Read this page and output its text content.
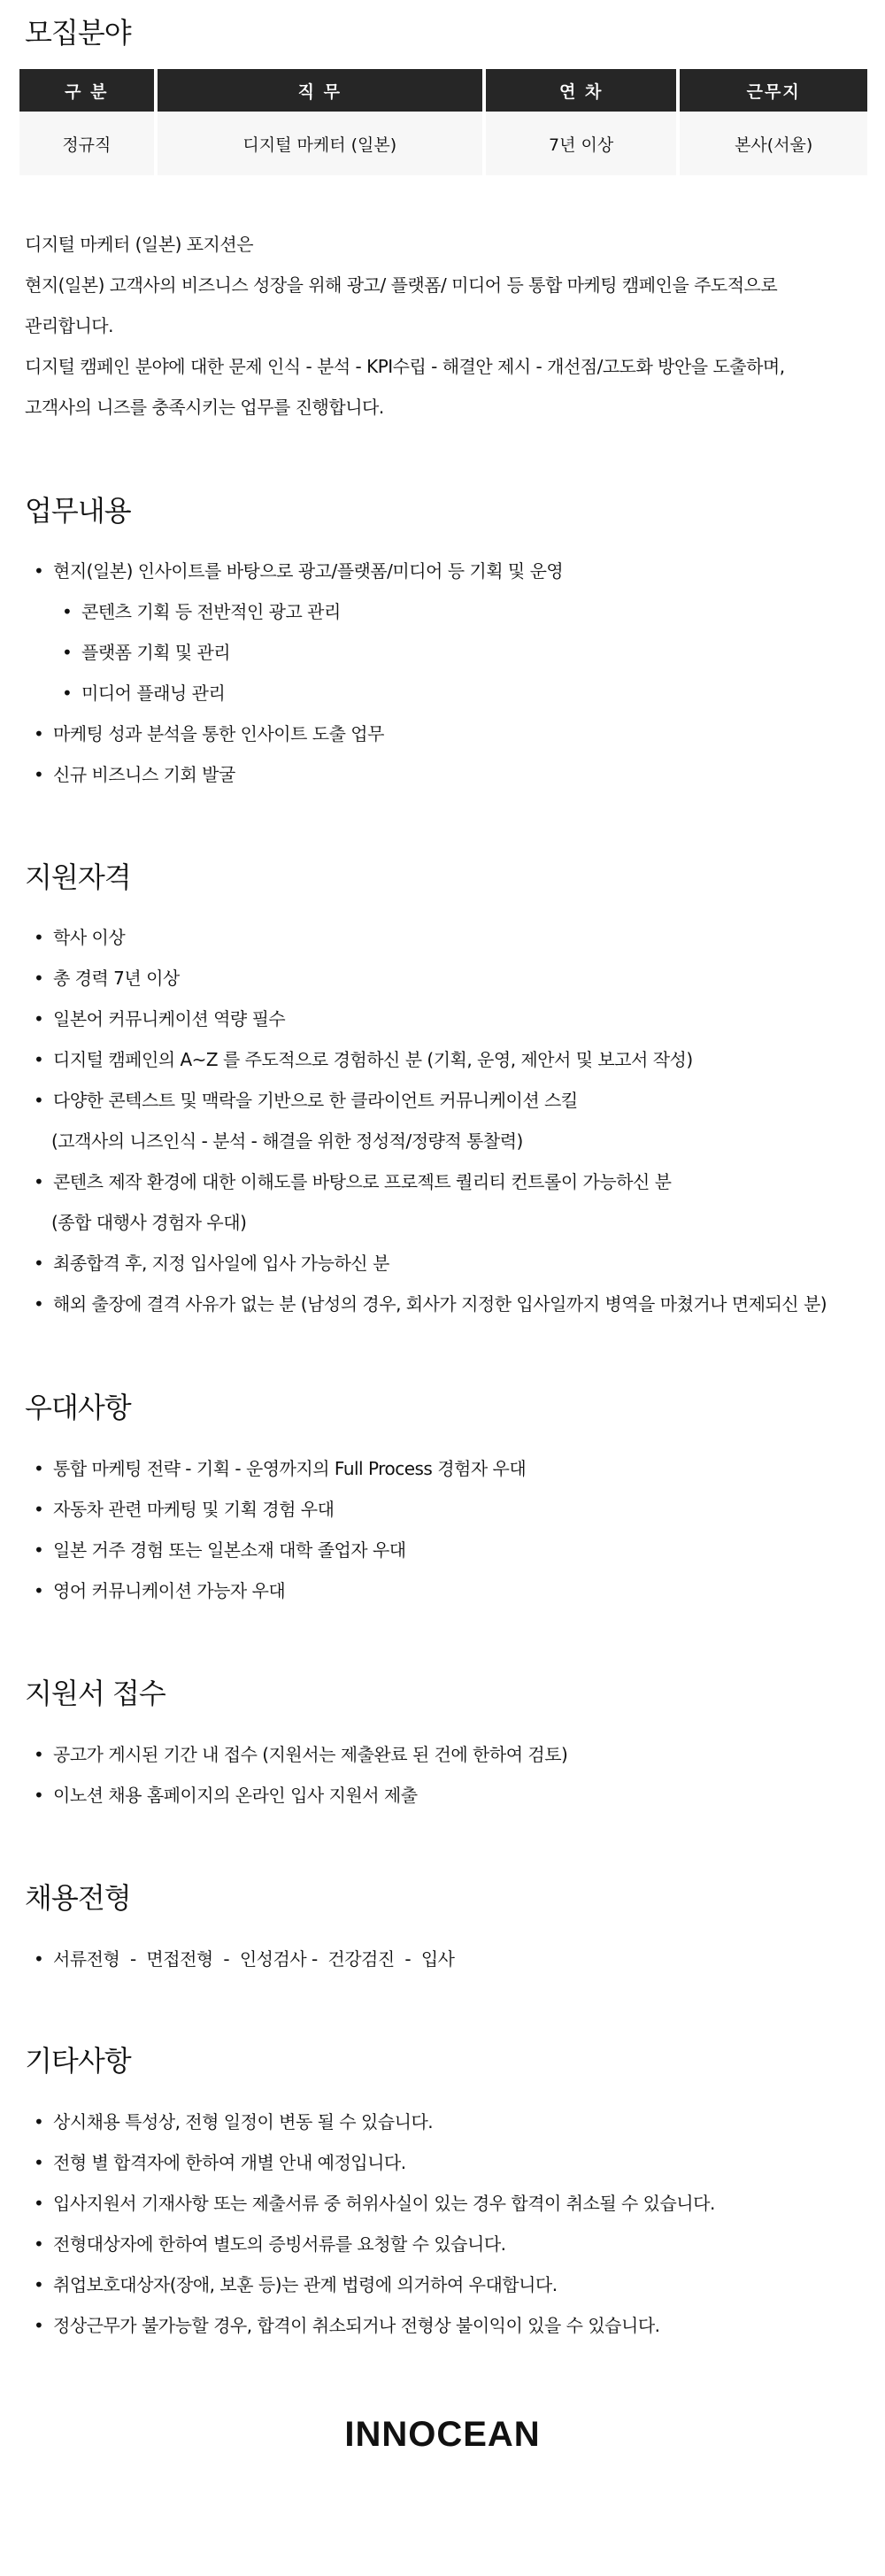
모집분야
구 분	직 무	연 차	근무지
정규직	디지털 마케터 (일본)	7년 이상	본사(서울)

디지털 마케터 (일본) 포지션은

현지(일본) 고객사의 비즈니스 성장을 위해 광고/ 플랫폼/ 미디어 등 통합 마케팅 캠페인을 주도적으로

관리합니다.

디지털 캠페인 분야에 대한 문제 인식 - 분석 - KPI수립 - 해결안 제시 - 개선점/고도화 방안을 도출하며,

고객사의 니즈를 충족시키는 업무를 진행합니다.

업무내용
• 현지(일본) 인사이트를 바탕으로 광고/플랫폼/미디어 등 기획 및 운영
• 콘텐츠 기획 등 전반적인 광고 관리
• 플랫폼 기획 및 관리
• 미디어 플래닝 관리
• 마케팅 성과 분석을 통한 인사이트 도출 업무
• 신규 비즈니스 기회 발굴
지원자격
• 학사 이상
• 총 경력 7년 이상
• 일본어 커뮤니케이션 역량 필수
• 디지털 캠페인의 A~Z 를 주도적으로 경험하신 분 (기획, 운영, 제안서 및 보고서 작성)
• 다양한 콘텍스트 및 맥락을 기반으로 한 클라이언트 커뮤니케이션 스킬
(고객사의 니즈인식 - 분석 - 해결을 위한 정성적/정량적 통찰력)
• 콘텐츠 제작 환경에 대한 이해도를 바탕으로 프로젝트 퀄리티 컨트롤이 가능하신 분
(종합 대행사 경험자 우대)
• 최종합격 후, 지정 입사일에 입사 가능하신 분
• 해외 출장에 결격 사유가 없는 분 (남성의 경우, 회사가 지정한 입사일까지 병역을 마쳤거나 면제되신 분)
우대사항
• 통합 마케팅 전략 - 기획 - 운영까지의 Full Process 경험자 우대
• 자동차 관련 마케팅 및 기획 경험 우대
• 일본 거주 경험 또는 일본소재 대학 졸업자 우대
• 영어 커뮤니케이션 가능자 우대
지원서 접수
• 공고가 게시된 기간 내 접수 (지원서는 제출완료 된 건에 한하여 검토)
• 이노션 채용 홈페이지의 온라인 입사 지원서 제출
채용전형
• 서류전형  -  면접전형  -  인성검사 -  건강검진  -  입사
기타사항
• 상시채용 특성상, 전형 일정이 변동 될 수 있습니다.
• 전형 별 합격자에 한하여 개별 안내 예정입니다.
• 입사지원서 기재사항 또는 제출서류 중 허위사실이 있는 경우 합격이 취소될 수 있습니다.
• 전형대상자에 한하여 별도의 증빙서류를 요청할 수 있습니다.
• 취업보호대상자(장애, 보훈 등)는 관계 법령에 의거하여 우대합니다.
• 정상근무가 불가능할 경우, 합격이 취소되거나 전형상 불이익이 있을 수 있습니다.
INNOCEAN
